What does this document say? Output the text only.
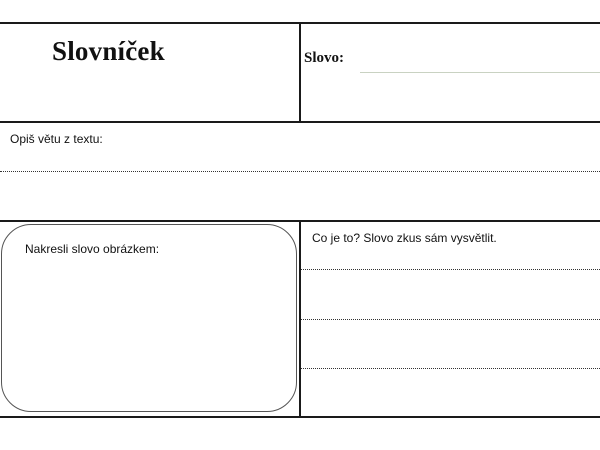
Slovníček	Slovo:
Opiš větu z textu:
Nakresli slovo obrázkem:
Co je to? Slovo zkus sám vysvětlit.
